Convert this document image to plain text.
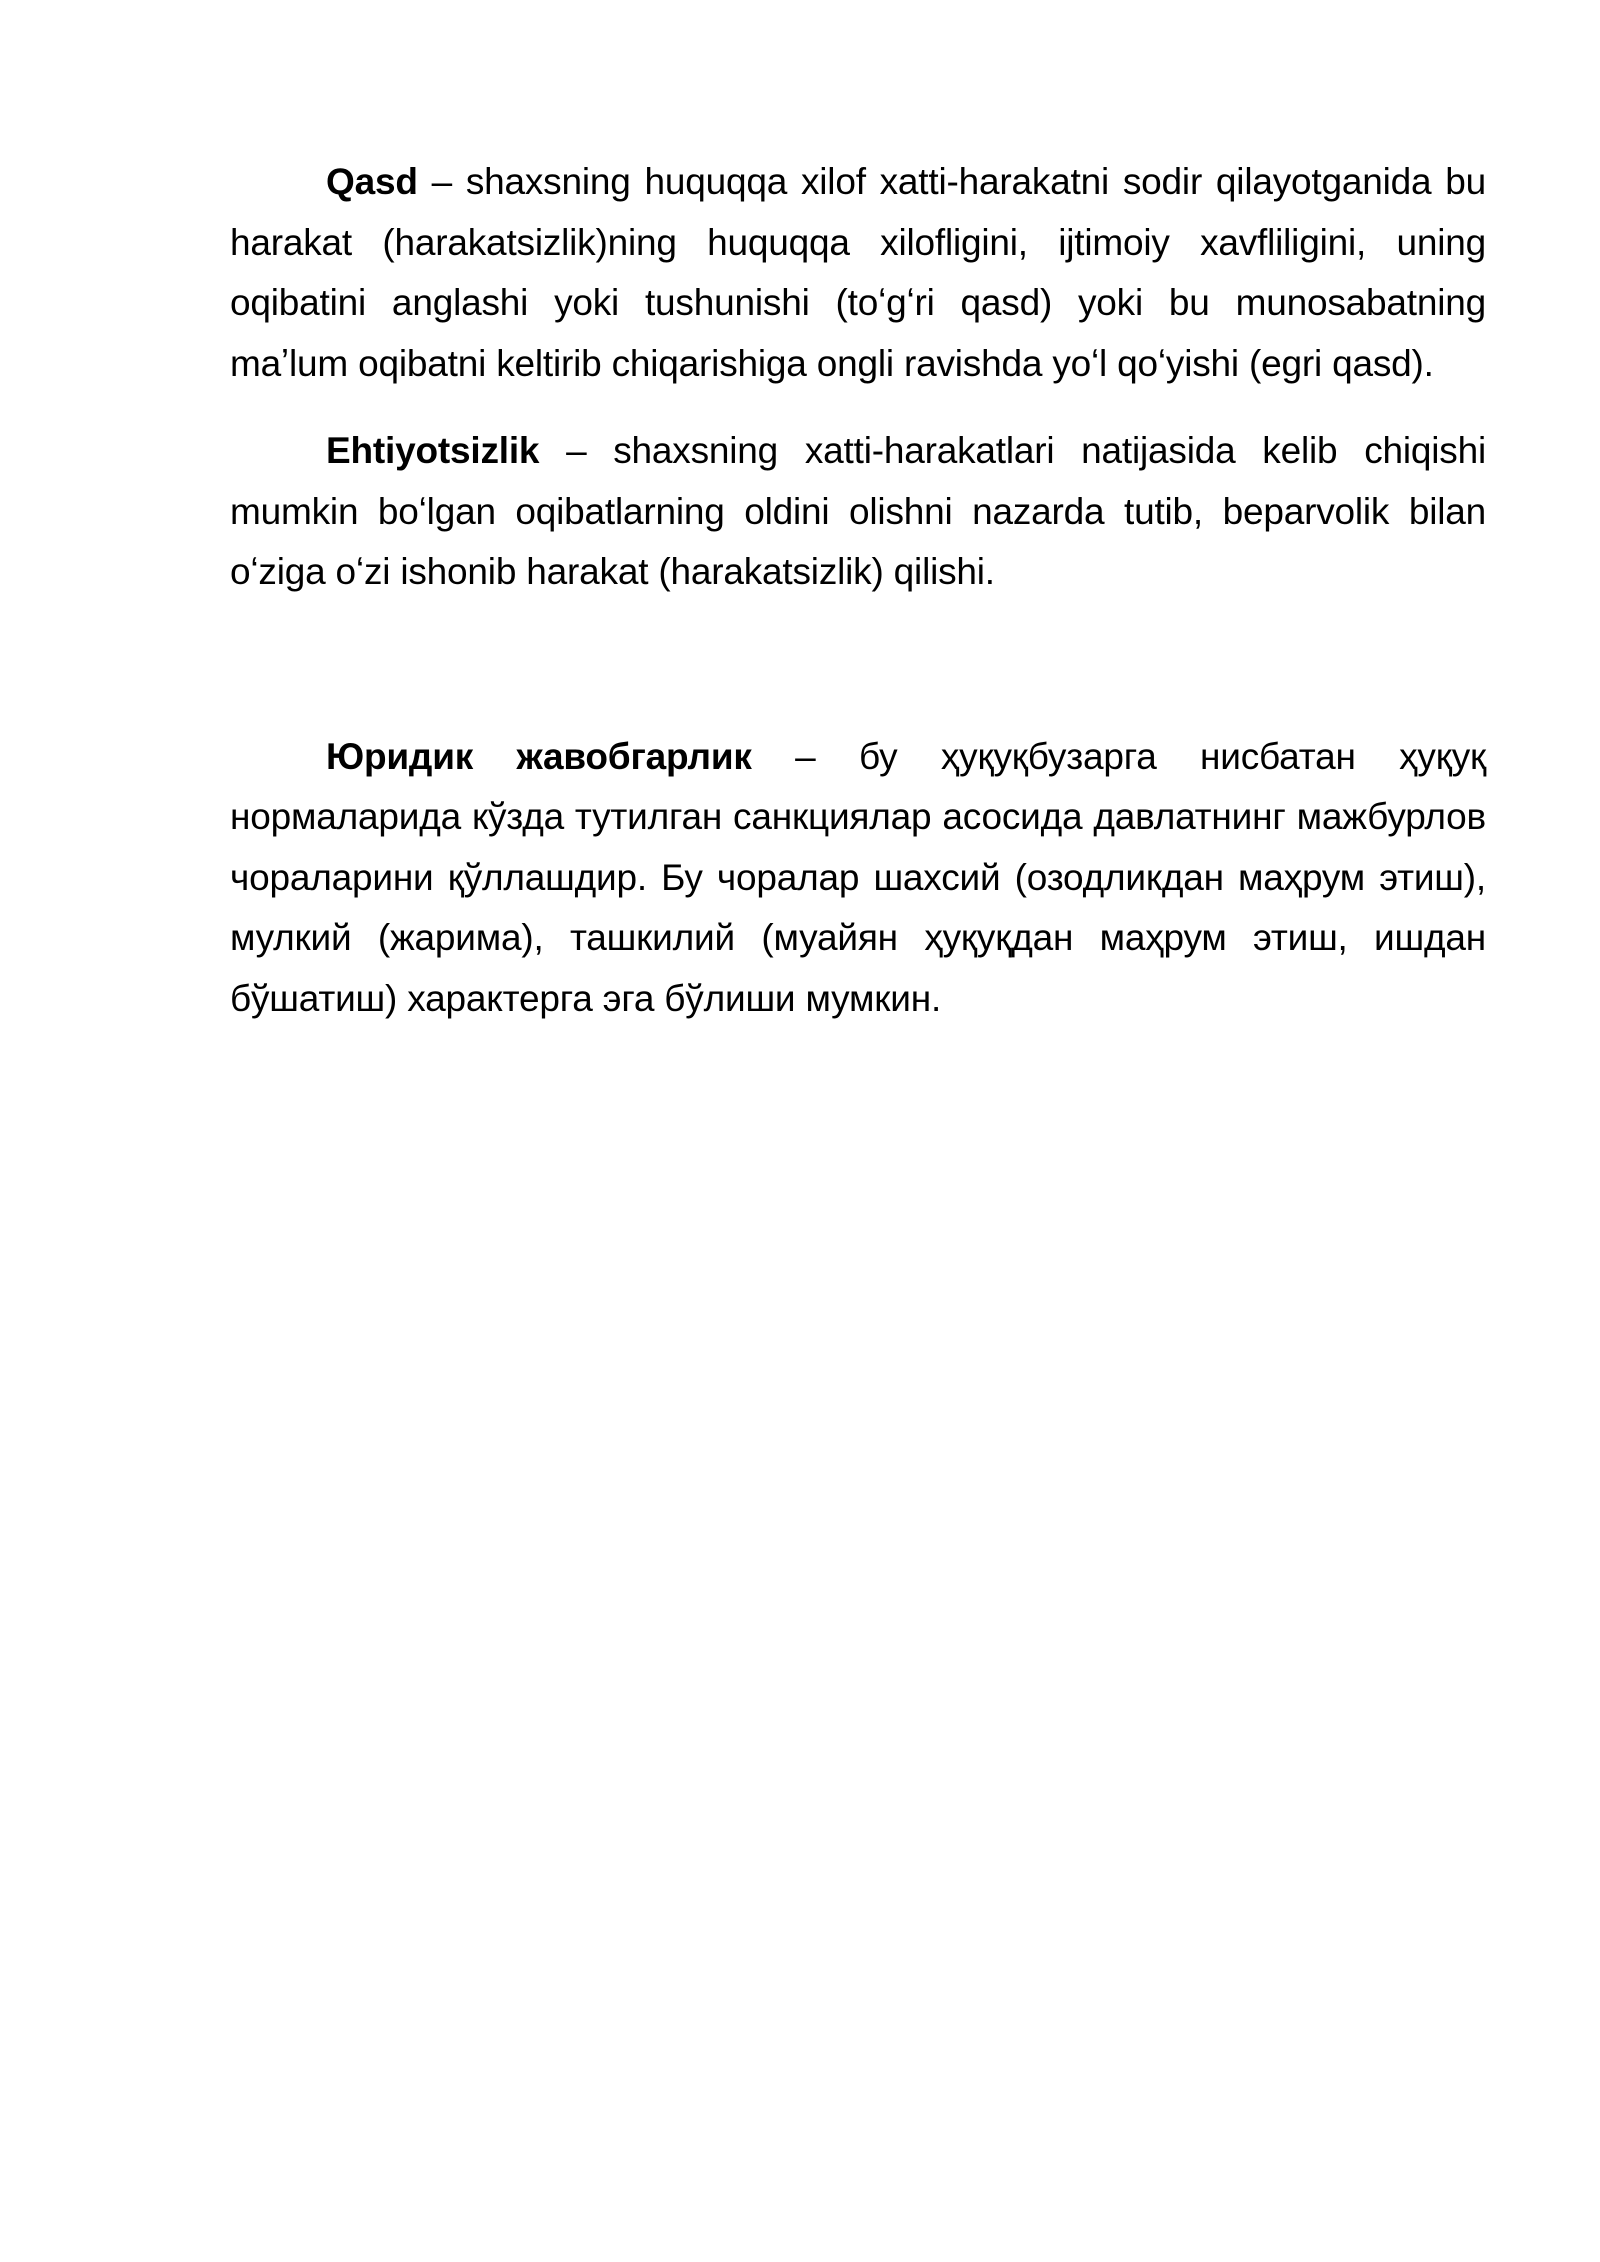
Qasd – shaxsning huquqqa xilof xatti-harakatni sodir qilayotganida bu harakat (harakatsizlik)ning huquqqa xilofligini, ijtimoiy xavfliligini, uning oqibatini anglashi yoki tushunishi (toʻgʻri qasd) yoki bu munosabatning maʼlum oqibatni keltirib chiqarishiga ongli ravishda yoʻl qoʻyishi (egri qasd).

Ehtiyotsizlik – shaxsning xatti-harakatlari natijasida kelib chiqishi mumkin boʻlgan oqibatlarning oldini olishni nazarda tutib, beparvolik bilan oʻziga oʻzi ishonib harakat (harakatsizlik) qilishi.

Юридик жавобгарлик – бу ҳуқуқбузарга нисбатан ҳуқуқ нормаларида кўзда тутилган санкциялар асосида давлатнинг мажбурлов чораларини қўллашдир. Бу чоралар шахсий (озодликдан маҳрум этиш), мулкий (жарима), ташкилий (муайян ҳуқуқдан маҳрум этиш, ишдан бўшатиш) характерга эга бўлиши мумкин.
